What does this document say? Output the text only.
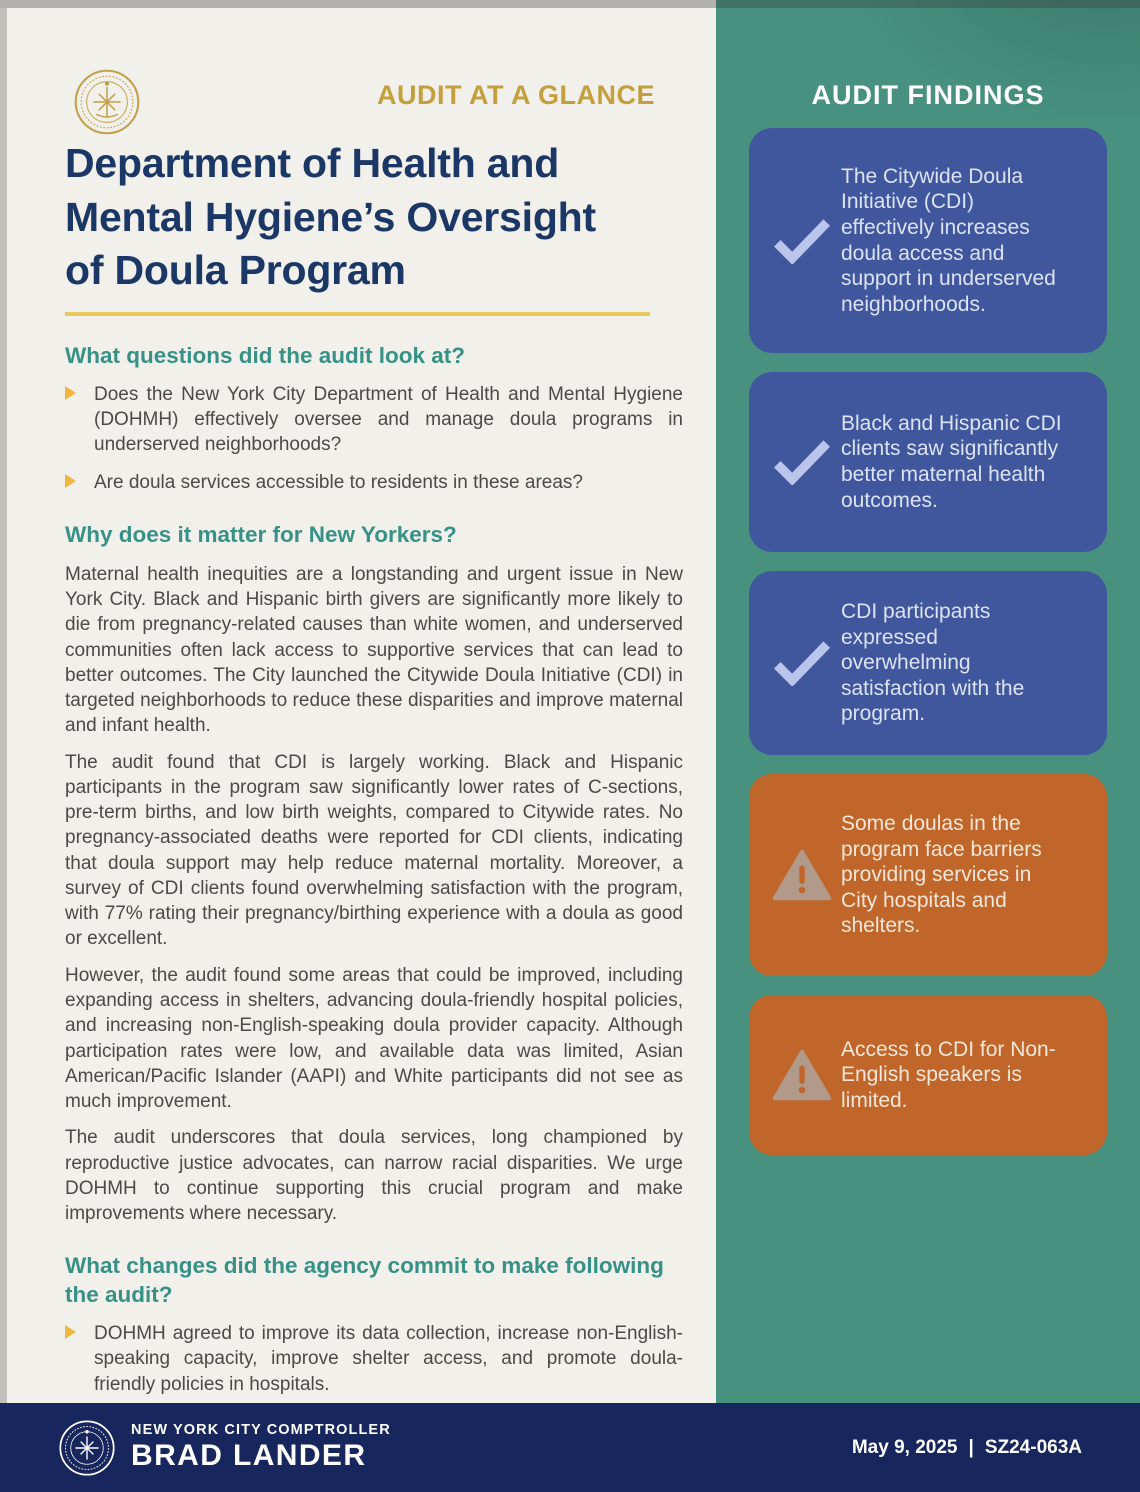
AUDIT AT A GLANCE
Department of Health and
Mental Hygiene’s Oversight
of Doula Program
What questions did the audit look at?
Does the New York City Department of Health and Mental Hygiene (DOHMH) effectively oversee and manage doula programs in underserved neighborhoods?
Are doula services accessible to residents in these areas?
Why does it matter for New Yorkers?

Maternal health inequities are a longstanding and urgent issue in New York City. Black and Hispanic birth givers are significantly more likely to die from pregnancy-related causes than white women, and underserved communities often lack access to supportive services that can lead to better outcomes. The City launched the Citywide Doula Initiative (CDI) in targeted neighborhoods to reduce these disparities and improve maternal and infant health.

The audit found that CDI is largely working. Black and Hispanic participants in the program saw significantly lower rates of C-sections, pre-term births, and low birth weights, compared to Citywide rates. No pregnancy-associated deaths were reported for CDI clients, indicating that doula support may help reduce maternal mortality. Moreover, a survey of CDI clients found overwhelming satisfaction with the program, with 77% rating their pregnancy/birthing experience with a doula as good or excellent.

However, the audit found some areas that could be improved, including expanding access in shelters, advancing doula-friendly hospital policies, and increasing non-English-speaking doula provider capacity. Although participation rates were low, and available data was limited, Asian American/Pacific Islander (AAPI) and White participants did not see as much improvement.

The audit underscores that doula services, long championed by reproductive justice advocates, can narrow racial disparities. We urge DOHMH to continue supporting this crucial program and make improvements where necessary.

What changes did the agency commit to make following the audit?
DOHMH agreed to improve its data collection, increase non-English-speaking capacity, improve shelter access, and promote doula-friendly policies in hospitals.
AUDIT FINDINGS
The Citywide Doula Initiative (CDI) effectively increases doula access and support in underserved neighborhoods.
Black and Hispanic CDI clients saw significantly better maternal health outcomes.
CDI participants expressed overwhelming satisfaction with the program.
Some doulas in the program face barriers providing services in City hospitals and shelters.
Access to CDI for Non-English speakers is limited.
NEW YORK CITY COMPTROLLER
BRAD LANDER	May 9, 2025 | SZ24-063A
